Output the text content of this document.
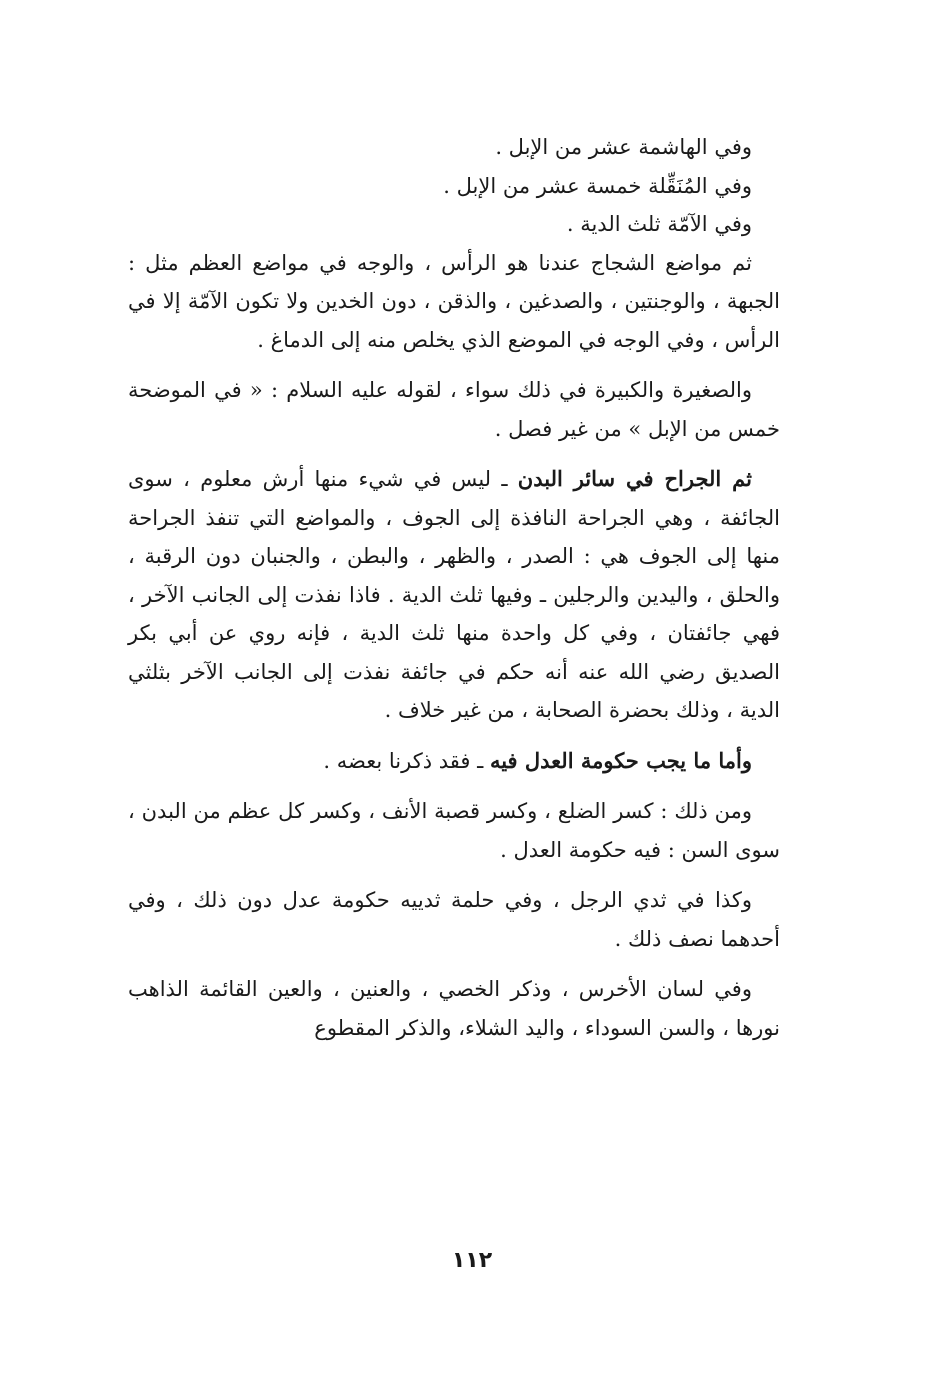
وفي الهاشمة عشر من الإبل .

وفي المُنَقِّلة خمسة عشر من الإبل .

وفي الآمّة ثلث الدية .

ثم مواضع الشجاج عندنا هو الرأس ، والوجه في مواضع العظم مثل : الجبهة ، والوجنتين ، والصدغين ، والذقن ، دون الخدين ولا تكون الآمّة إلا في الرأس ، وفي الوجه في الموضع الذي يخلص منه إلى الدماغ .

والصغيرة والكبيرة في ذلك سواء ، لقوله عليه السلام : « في الموضحة خمس من الإبل » من غير فصل .

ثم الجراح في سائر البدن ـ ليس في شيء منها أرش معلوم ، سوى الجائفة ، وهي الجراحة النافذة إلى الجوف ، والمواضع التي تنفذ الجراحة منها إلى الجوف هي : الصدر ، والظهر ، والبطن ، والجنبان دون الرقبة ، والحلق ، واليدين والرجلين ـ وفيها ثلث الدية . فاذا نفذت إلى الجانب الآخر ، فهي جائفتان ، وفي كل واحدة منها ثلث الدية ، فإنه روي عن أبي بكر الصديق رضي الله عنه أنه حكم في جائفة نفذت إلى الجانب الآخر بثلثي الدية ، وذلك بحضرة الصحابة ، من غير خلاف .

وأما ما يجب حكومة العدل فيه ـ فقد ذكرنا بعضه .

ومن ذلك : كسر الضلع ، وكسر قصبة الأنف ، وكسر كل عظم من البدن ، سوى السن : فيه حكومة العدل .

وكذا في ثدي الرجل ، وفي حلمة ثدييه حكومة عدل دون ذلك ، وفي أحدهما نصف ذلك .

وفي لسان الأخرس ، وذكر الخصي ، والعنين ، والعين القائمة الذاهب نورها ، والسن السوداء ، واليد الشلاء، والذكر المقطوع

١١٢
